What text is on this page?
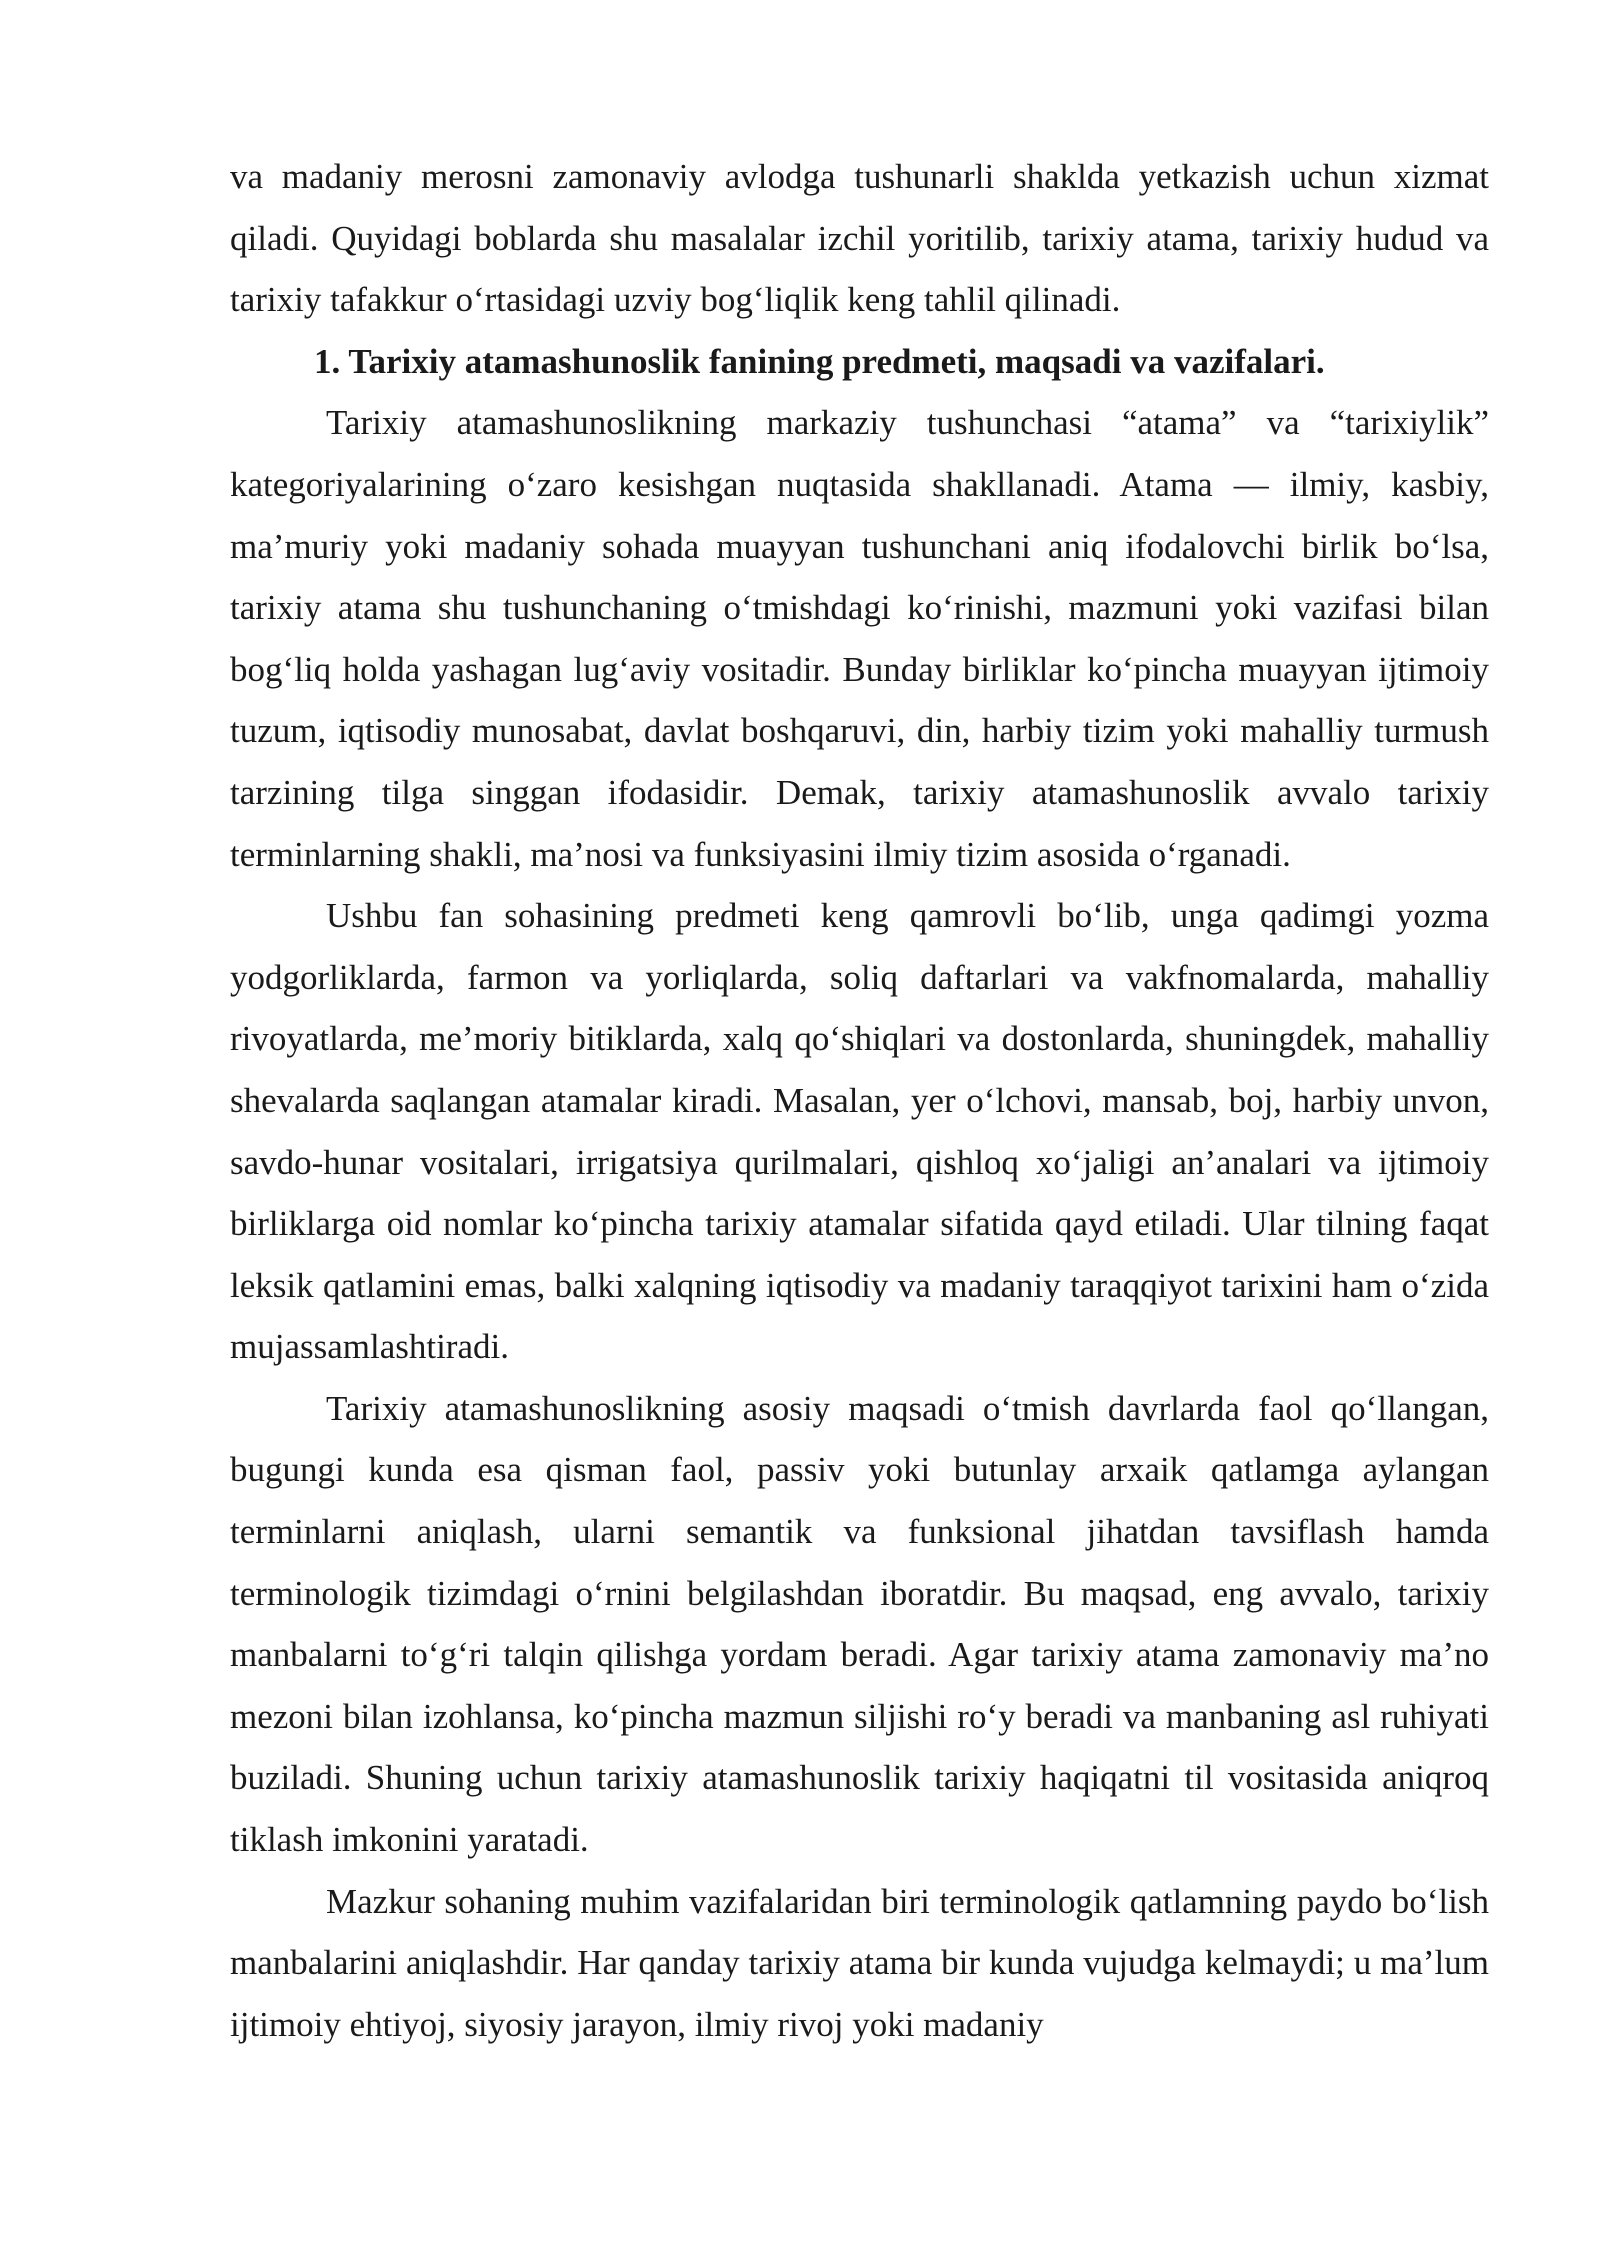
va madaniy merosni zamonaviy avlodga tushunarli shaklda yetkazish uchun xizmat qiladi. Quyidagi boblarda shu masalalar izchil yoritilib, tarixiy atama, tarixiy hudud va tarixiy tafakkur o‘rtasidagi uzviy bog‘liqlik keng tahlil qilinadi.

1. Tarixiy atamashunoslik fanining predmeti, maqsadi va vazifalari.

Tarixiy atamashunoslikning markaziy tushunchasi “atama” va “tarixiylik” kategoriyalarining o‘zaro kesishgan nuqtasida shakllanadi. Atama — ilmiy, kasbiy, ma’muriy yoki madaniy sohada muayyan tushunchani aniq ifodalovchi birlik bo‘lsa, tarixiy atama shu tushunchaning o‘tmishdagi ko‘rinishi, mazmuni yoki vazifasi bilan bog‘liq holda yashagan lug‘aviy vositadir. Bunday birliklar ko‘pincha muayyan ijtimoiy tuzum, iqtisodiy munosabat, davlat boshqaruvi, din, harbiy tizim yoki mahalliy turmush tarzining tilga singgan ifodasidir. Demak, tarixiy atamashunoslik avvalo tarixiy terminlarning shakli, ma’nosi va funksiyasini ilmiy tizim asosida o‘rganadi.

Ushbu fan sohasining predmeti keng qamrovli bo‘lib, unga qadimgi yozma yodgorliklarda, farmon va yorliqlarda, soliq daftarlari va vakfnomalarda, mahalliy rivoyatlarda, me’moriy bitiklarda, xalq qo‘shiqlari va dostonlarda, shuningdek, mahalliy shevalarda saqlangan atamalar kiradi. Masalan, yer o‘lchovi, mansab, boj, harbiy unvon, savdo-hunar vositalari, irrigatsiya qurilmalari, qishloq xo‘jaligi an’analari va ijtimoiy birliklarga oid nomlar ko‘pincha tarixiy atamalar sifatida qayd etiladi. Ular tilning faqat leksik qatlamini emas, balki xalqning iqtisodiy va madaniy taraqqiyot tarixini ham o‘zida mujassamlashtiradi.

Tarixiy atamashunoslikning asosiy maqsadi o‘tmish davrlarda faol qo‘llangan, bugungi kunda esa qisman faol, passiv yoki butunlay arxaik qatlamga aylangan terminlarni aniqlash, ularni semantik va funksional jihatdan tavsiflash hamda terminologik tizimdagi o‘rnini belgilashdan iboratdir. Bu maqsad, eng avvalo, tarixiy manbalarni to‘g‘ri talqin qilishga yordam beradi. Agar tarixiy atama zamonaviy ma’no mezoni bilan izohlansa, ko‘pincha mazmun siljishi ro‘y beradi va manbaning asl ruhiyati buziladi. Shuning uchun tarixiy atamashunoslik tarixiy haqiqatni til vositasida aniqroq tiklash imkonini yaratadi.

Mazkur sohaning muhim vazifalaridan biri terminologik qatlamning paydo bo‘lish manbalarini aniqlashdir. Har qanday tarixiy atama bir kunda vujudga kelmaydi; u ma’lum ijtimoiy ehtiyoj, siyosiy jarayon, ilmiy rivoj yoki madaniy
